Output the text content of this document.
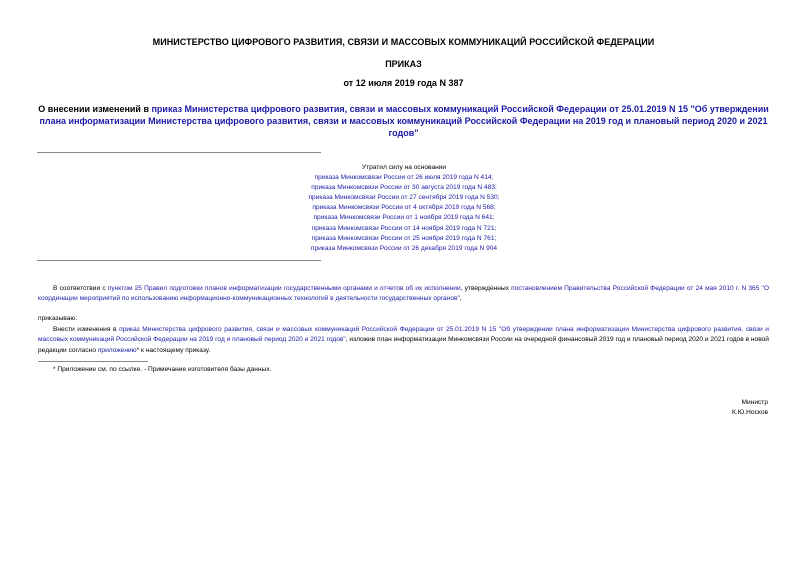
МИНИСТЕРСТВО ЦИФРОВОГО РАЗВИТИЯ, СВЯЗИ И МАССОВЫХ КОММУНИКАЦИЙ РОССИЙСКОЙ ФЕДЕРАЦИИ
ПРИКАЗ
от 12 июля 2019 года N 387
О внесении изменений в приказ Министерства цифрового развития, связи и массовых коммуникаций Российской Федерации от 25.01.2019 N 15 "Об утверждении плана информатизации Министерства цифрового развития, связи и массовых коммуникаций Российской Федерации на 2019 год и плановый период 2020 и 2021 годов"
Утратил силу на основании
приказа Минкомсвязи России от 26 июля 2019 года N 414;
приказа Минкомсвязи России от 30 августа 2019 года N 483;
приказа Минкомсвязи России от 27 сентября 2019 года N 530;
приказа Минкомсвязи России от 4 октября 2019 года N 568;
приказа Минкомсвязи России от 1 ноября 2019 года N 641;
приказа Минкомсвязи России от 14 ноября 2019 года N 721;
приказа Минкомсвязи России от 25 ноября 2019 года N 761;
приказа Минкомсвязи России от 26 декабря 2019 года N 904
В соответствии с пунктом 25 Правил подготовки планов информатизации государственными органами и отчетов об их исполнении, утвержденных постановлением Правительства Российской Федерации от 24 мая 2010 г. N 365 "О координации мероприятий по использованию информационно-коммуникационных технологий в деятельности государственных органов",
приказываю:
Внести изменения в приказ Министерства цифрового развития, связи и массовых коммуникаций Российской Федерации от 25.01.2019 N 15 "Об утверждении плана информатизации Министерства цифрового развития, связи и массовых коммуникаций Российской Федерации на 2019 год и плановый период 2020 и 2021 годов", изложив план информатизации Минкомсвязи России на очередной финансовый 2019 год и плановый период 2020 и 2021 годов в новой редакции согласно приложению* к настоящему приказу.
* Приложение см. по ссылке. - Примечание изготовителя базы данных.
Министр
К.Ю.Носков
